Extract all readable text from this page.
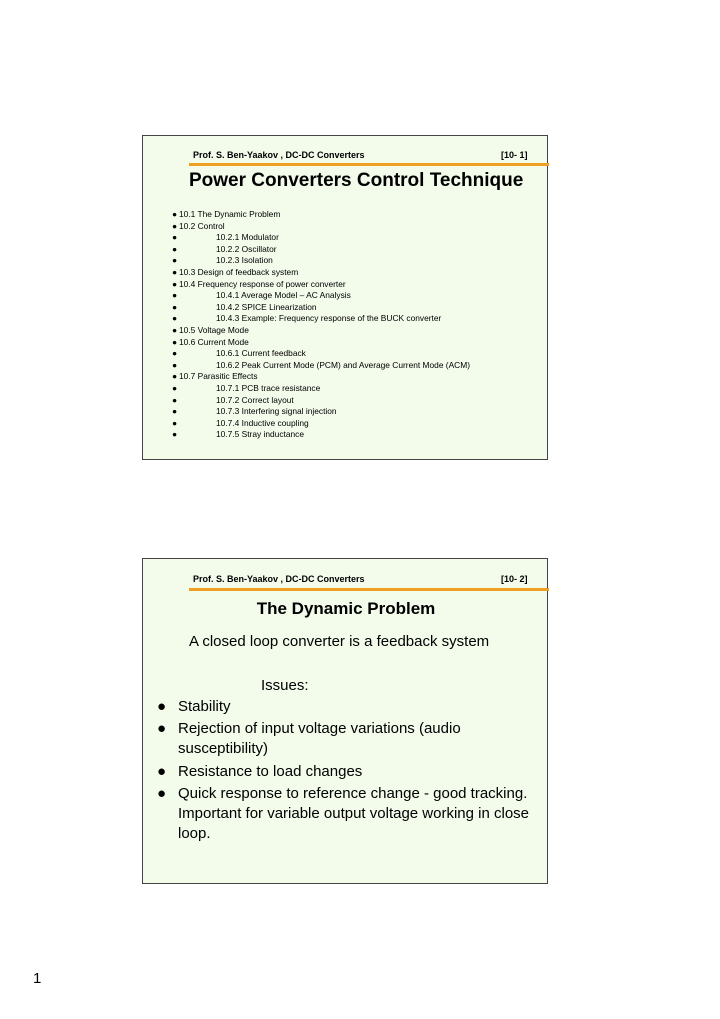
Prof. S. Ben-Yaakov , DC-DC Converters	[10- 1]
Power Converters Control Technique
● 10.1 The Dynamic Problem
● 10.2 Control
●	10.2.1 Modulator
●	10.2.2 Oscillator
●	10.2.3 Isolation
● 10.3 Design of feedback system
● 10.4 Frequency response of power converter
●	10.4.1 Average Model – AC Analysis
●	10.4.2 SPICE Linearization
●	10.4.3 Example: Frequency response of the BUCK converter
● 10.5 Voltage Mode
● 10.6 Current Mode
●	10.6.1 Current feedback
●	10.6.2 Peak Current Mode (PCM) and Average Current Mode (ACM)
● 10.7 Parasitic Effects
●	10.7.1 PCB trace resistance
●	10.7.2 Correct layout
●	10.7.3 Interfering signal injection
●	10.7.4 Inductive coupling
●	10.7.5 Stray inductance
Prof. S. Ben-Yaakov , DC-DC Converters	[10- 2]
The Dynamic Problem
A closed loop converter is a feedback system
Issues:
● Stability
● Rejection of input voltage variations (audio susceptibility)
● Resistance to load changes
● Quick response to reference change - good tracking. Important for variable output voltage working in close loop.
1
